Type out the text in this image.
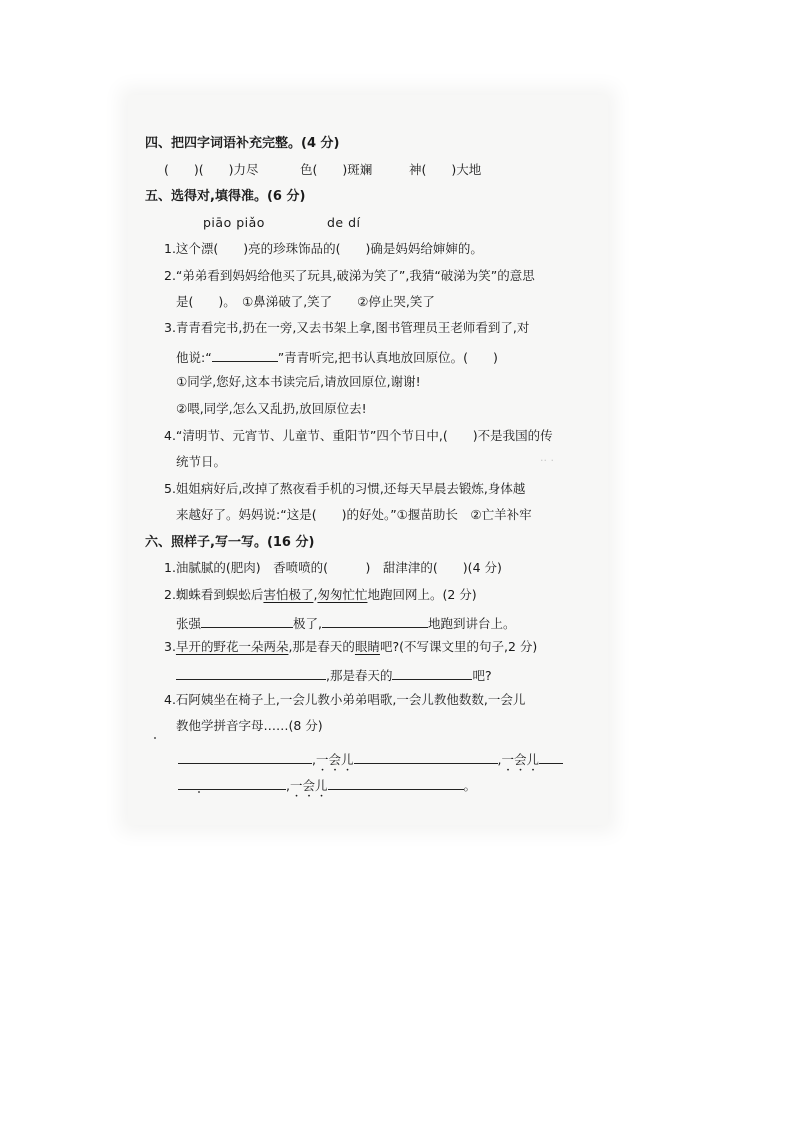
·· ·
四、把四字词语补充完整。(4 分)
(　　)(　　)力尽	色(　　)斑斓	神(　　)大地
五、选得对,填得准。(6 分)
piāo piǎo	de dí
1.这个漂(　　)亮的珍珠饰品的(　　)确是妈妈给婶婶的。
2.“弟弟看到妈妈给他买了玩具,破涕为笑了”,我猜“破涕为笑”的意思
是(　　)。　①鼻涕破了,笑了　　②停止哭,笑了
3.青青看完书,扔在一旁,又去书架上拿,图书管理员王老师看到了,对
他说:“	”青青听完,把书认真地放回原位。(　　)
①同学,您好,这本书读完后,请放回原位,谢谢!
②喂,同学,怎么又乱扔,放回原位去!
4.“清明节、元宵节、儿童节、重阳节”四个节日中,(　　)不是我国的传
统节日。
5.姐姐病好后,改掉了熬夜看手机的习惯,还每天早晨去锻炼,身体越
来越好了。妈妈说:“这是(　　)的好处。”①揠苗助长　②亡羊补牢
六、照样子,写一写。(16 分)
1.油腻腻的(肥肉)　香喷喷的(　　　)　甜津津的(　　)(4 分)
2.蜘蛛看到蜈蚣后害怕极了,匆匆忙忙地跑回网上。(2 分)
张强	极了,	地跑到讲台上。
3.早开的野花一朵两朵,那是春天的眼睛吧?(不写课文里的句子,2 分)
,那是春天的	吧?
4.石阿姨坐在椅子上,一会儿教小弟弟唱歌,一会儿教他数数,一会儿
教他学拼音字母……(8 分)
,一会儿	,一会儿
,一会儿	。
